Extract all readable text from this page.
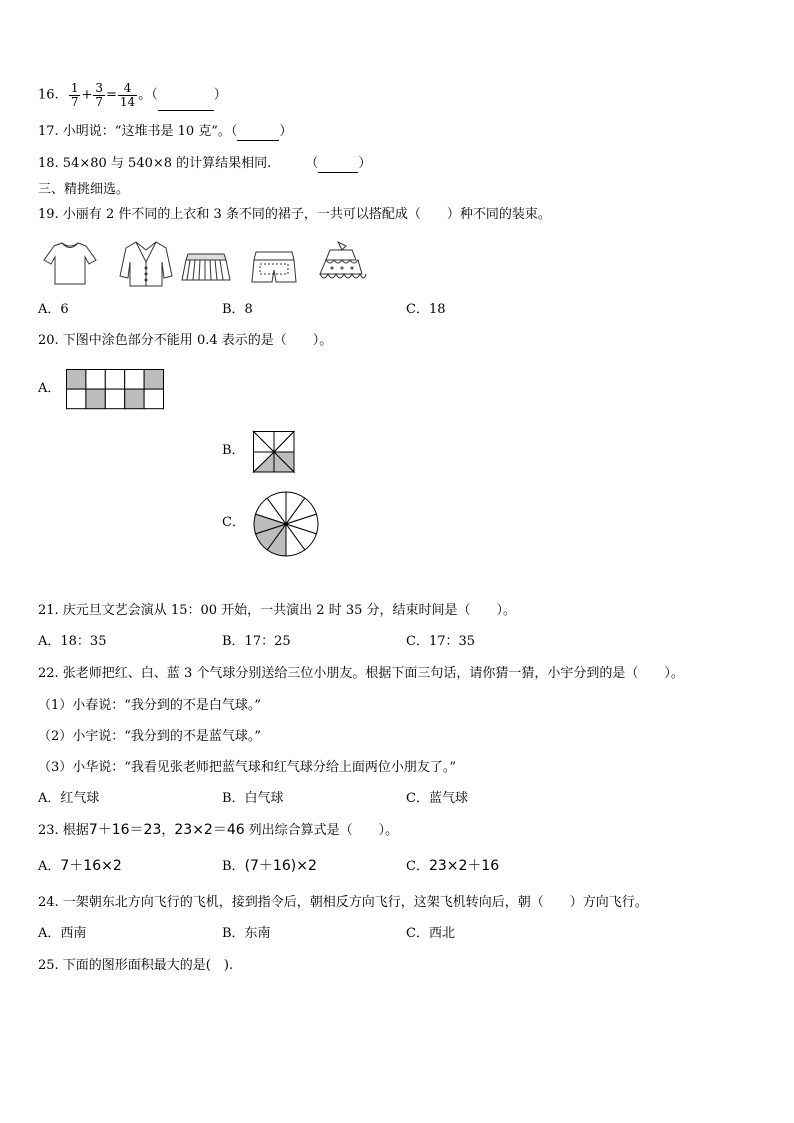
16. $\frac{1}{7} + \frac{3}{7} = \frac{4}{14}$ 。（	）
17. 小明说：“这堆书是 10 克”。（	）
18. 54×80 与 540×8 的计算结果相同.	（	）
三、精挑细选。
19. 小丽有 2 件不同的上衣和 3 条不同的裙子，一共可以搭配成（　　）种不同的装束。
A．6	B．8	C．18
20. 下图中涂色部分不能用 0.4 表示的是（　　）。
A．
B．
C．
21. 庆元旦文艺会演从 15：00 开始，一共演出 2 时 35 分，结束时间是（　　）。
A．18：35	B．17：25	C．17：35
22. 张老师把红、白、蓝 3 个气球分别送给三位小朋友。根据下面三句话，请你猜一猜，小宇分到的是（　　）。
（1）小春说：“我分到的不是白气球。”
（2）小宇说：“我分到的不是蓝气球。”
（3）小华说：“我看见张老师把蓝气球和红气球分给上面两位小朋友了。”
A．红气球	B．白气球	C．蓝气球
23. 根据7＋16＝23，23×2＝46 列出综合算式是（　　）。
A．7＋16×2	B．(7＋16)×2	C．23×2＋16
24. 一架朝东北方向飞行的飞机，接到指令后，朝相反方向飞行，这架飞机转向后，朝（　　）方向飞行。
A．西南	B．东南	C．西北
25. 下面的图形面积最大的是(　).
